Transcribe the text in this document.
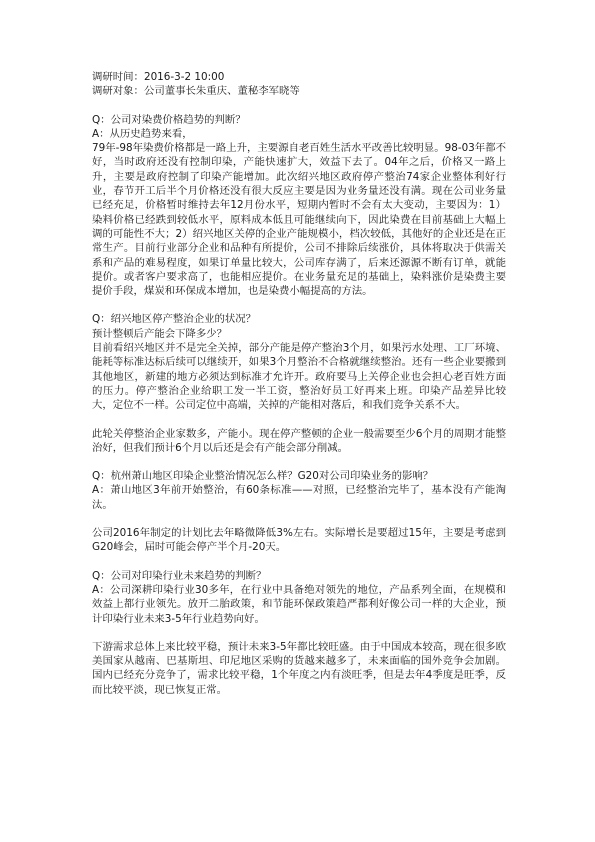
调研时间：2016-3-2 10:00
调研对象：公司董事长朱重庆、董秘李军晓等
Q：公司对染费价格趋势的判断？
A：从历史趋势来看，
79年-98年染费价格都是一路上升，主要源自老百姓生活水平改善比较明显。98-03年都不好，当时政府还没有控制印染，产能快速扩大，效益下去了。04年之后，价格又一路上升，主要是政府控制了印染产能增加。此次绍兴地区政府停产整治74家企业整体利好行业，春节开工后半个月价格还没有很大反应主要是因为业务量还没有满。现在公司业务量已经充足，价格暂时维持去年12月份水平，短期内暂时不会有太大变动，主要因为：1）染料价格已经跌到较低水平，原料成本低且可能继续向下，因此染费在目前基础上大幅上调的可能性不大；2）绍兴地区关停的企业产能规模小，档次较低，其他好的企业还是在正常生产。目前行业部分企业和品种有所提价，公司不排除后续涨价，具体将取决于供需关系和产品的难易程度，如果订单量比较大，公司库存满了，后来还源源不断有订单，就能提价。或者客户要求高了，也能相应提价。在业务量充足的基础上，染料涨价是染费主要提价手段，煤炭和环保成本增加，也是染费小幅提高的方法。
Q：绍兴地区停产整治企业的状况？
预计整顿后产能会下降多少？
目前看绍兴地区并不是完全关掉，部分产能是停产整治3个月，如果污水处理、工厂环境、能耗等标准达标后续可以继续开，如果3个月整治不合格就继续整治。还有一些企业要搬到其他地区，新建的地方必须达到标准才允许开。政府要马上关停企业也会担心老百姓方面的压力。停产整治企业给职工发一半工资，整治好员工好再来上班。印染产品差异比较大，定位不一样。公司定位中高端，关掉的产能相对落后，和我们竞争关系不大。
此轮关停整治企业家数多，产能小。现在停产整顿的企业一般需要至少6个月的周期才能整治好，但我们预计6个月以后还是会有产能会部分削减。
Q：杭州萧山地区印染企业整治情况怎么样？G20对公司印染业务的影响？
A：萧山地区3年前开始整治，有60条标准——对照，已经整治完毕了，基本没有产能淘汰。
公司2016年制定的计划比去年略微降低3%左右。实际增长是要超过15年，主要是考虑到G20峰会，届时可能会停产半个月-20天。
Q：公司对印染行业未来趋势的判断？
A：公司深耕印染行业30多年，在行业中具备绝对领先的地位，产品系列全面，在规模和效益上都行业领先。放开二胎政策，和节能环保政策趋严都利好像公司一样的大企业，预计印染行业未来3-5年行业趋势向好。
下游需求总体上来比较平稳，预计未来3-5年都比较旺盛。由于中国成本较高，现在很多欧美国家从越南、巴基斯坦、印尼地区采购的货越来越多了，未来面临的国外竞争会加剧。国内已经充分竞争了，需求比较平稳，1个年度之内有淡旺季，但是去年4季度是旺季，反而比较平淡，现已恢复正常。
